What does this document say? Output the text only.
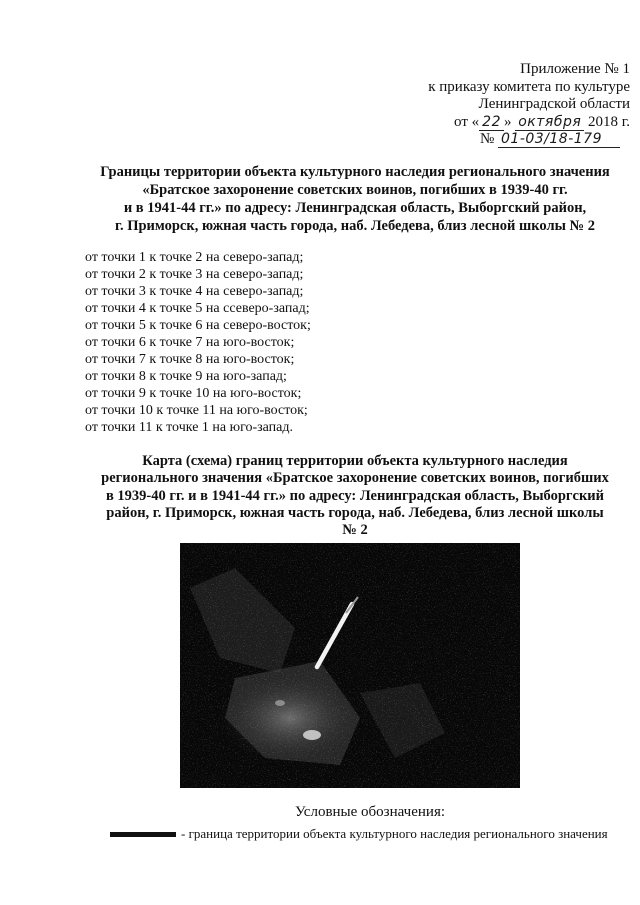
Приложение № 1
к приказу комитета по культуре
Ленинградской области
от « 22 » октября 2018 г.
№ 01-03/18-179
Границы территории объекта культурного наследия регионального значения
«Братское захоронение советских воинов, погибших в 1939-40 гг.
и в 1941-44 гг.» по адресу: Ленинградская область, Выборгский район,
г. Приморск, южная часть города, наб. Лебедева, близ лесной школы № 2
от точки 1 к точке 2 на северо-запад;
от точки 2 к точке 3 на северо-запад;
от точки 3 к точке 4 на северо-запад;
от точки 4 к точке 5 на ссеверо-запад;
от точки 5 к точке 6 на северо-восток;
от точки 6 к точке 7 на юго-восток;
от точки 7 к точке 8 на юго-восток;
от точки 8 к точке 9 на юго-запад;
от точки 9 к точке 10 на юго-восток;
от точки 10 к точке 11 на юго-восток;
от точки 11 к точке 1 на юго-запад.
Карта (схема) границ территории объекта культурного наследия
регионального значения «Братское захоронение советских воинов, погибших
в 1939-40 гг. и в 1941-44 гг.» по адресу: Ленинградская область, Выборгский
район, г. Приморск, южная часть города, наб. Лебедева, близ лесной школы
№ 2
Условные обозначения:
- граница территории объекта культурного наследия регионального значения
